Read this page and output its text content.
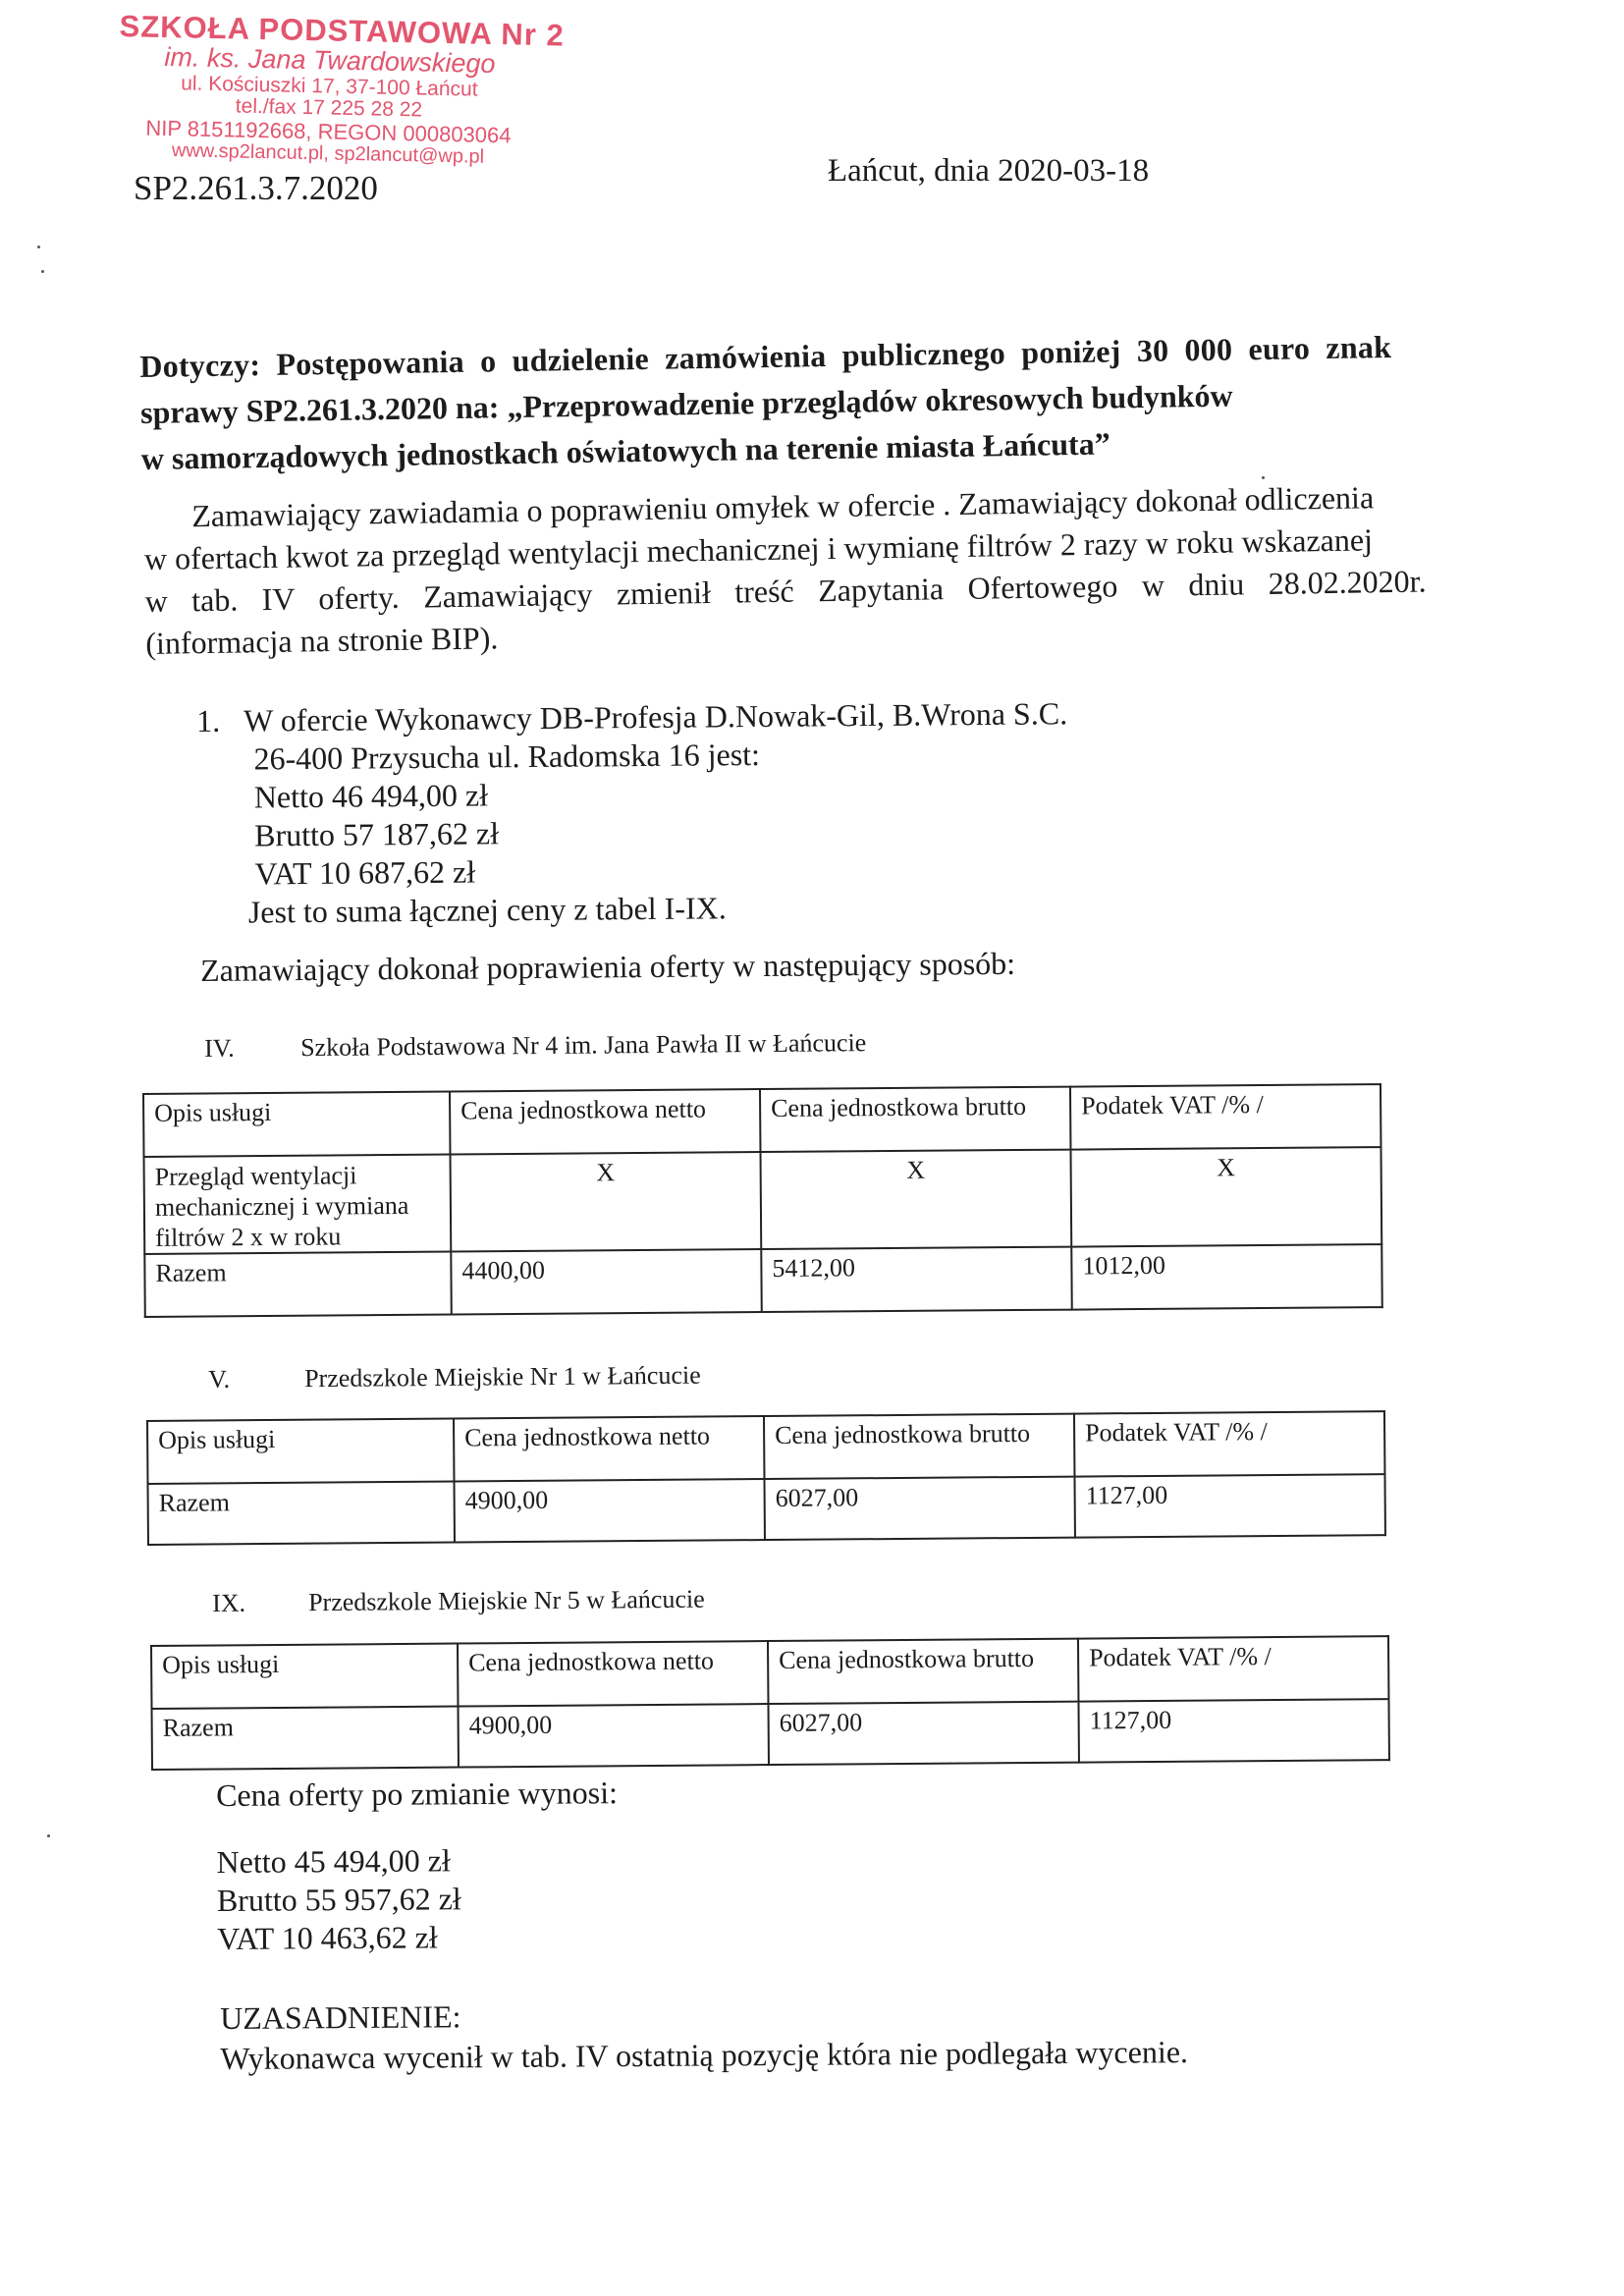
SZKOŁA PODSTAWOWA Nr 2
im. ks. Jana Twardowskiego
ul. Kościuszki 17, 37-100 Łańcut
tel./fax 17 225 28 22
NIP 8151192668, REGON 000803064
www.sp2lancut.pl, sp2lancut@wp.pl
SP2.261.3.7.2020	Łańcut, dnia 2020-03-18
Dotyczy: Postępowania o udzielenie zamówienia publicznego poniżej 30 000 euro znak
sprawy SP2.261.3.2020 na: „Przeprowadzenie przeglądów okresowych budynków
w samorządowych jednostkach oświatowych na terenie miasta Łańcuta”
Zamawiający zawiadamia o poprawieniu omyłek w ofercie . Zamawiający dokonał odliczenia
w ofertach kwot za przegląd wentylacji mechanicznej i wymianę filtrów 2 razy w roku wskazanej
w tab. IV oferty. Zamawiający zmienił treść Zapytania Ofertowego w dniu 28.02.2020r.
(informacja na stronie BIP).
1. W ofercie Wykonawcy DB-Profesja D.Nowak-Gil, B.Wrona S.C.
26-400 Przysucha ul. Radomska 16 jest:
Netto 46 494,00 zł
Brutto 57 187,62 zł
VAT 10 687,62 zł
Jest to suma łącznej ceny z tabel I-IX.
Zamawiający dokonał poprawienia oferty w następujący sposób:
IV.	Szkoła Podstawowa Nr 4 im. Jana Pawła II w Łańcucie
Opis usługi	Cena jednostkowa netto	Cena jednostkowa brutto	Podatek VAT /% /

Przegląd wentylacji
mechanicznej i wymiana
filtrów 2 x w roku	X	X	X
Razem	4400,00	5412,00	1012,00
V.	Przedszkole Miejskie Nr 1 w Łańcucie
Opis usługi	Cena jednostkowa netto	Cena jednostkowa brutto	Podatek VAT /% /
Razem	4900,00	6027,00	1127,00
IX. Przedszkole Miejskie Nr 5 w Łańcucie
Opis usługi	Cena jednostkowa netto	Cena jednostkowa brutto	Podatek VAT /% /
Razem	4900,00	6027,00	1127,00
Cena oferty po zmianie wynosi:
Netto 45 494,00 zł
Brutto 55 957,62 zł
VAT 10 463,62 zł
UZASADNIENIE:
Wykonawca wycenił w tab. IV ostatnią pozycję która nie podlegała wycenie.
